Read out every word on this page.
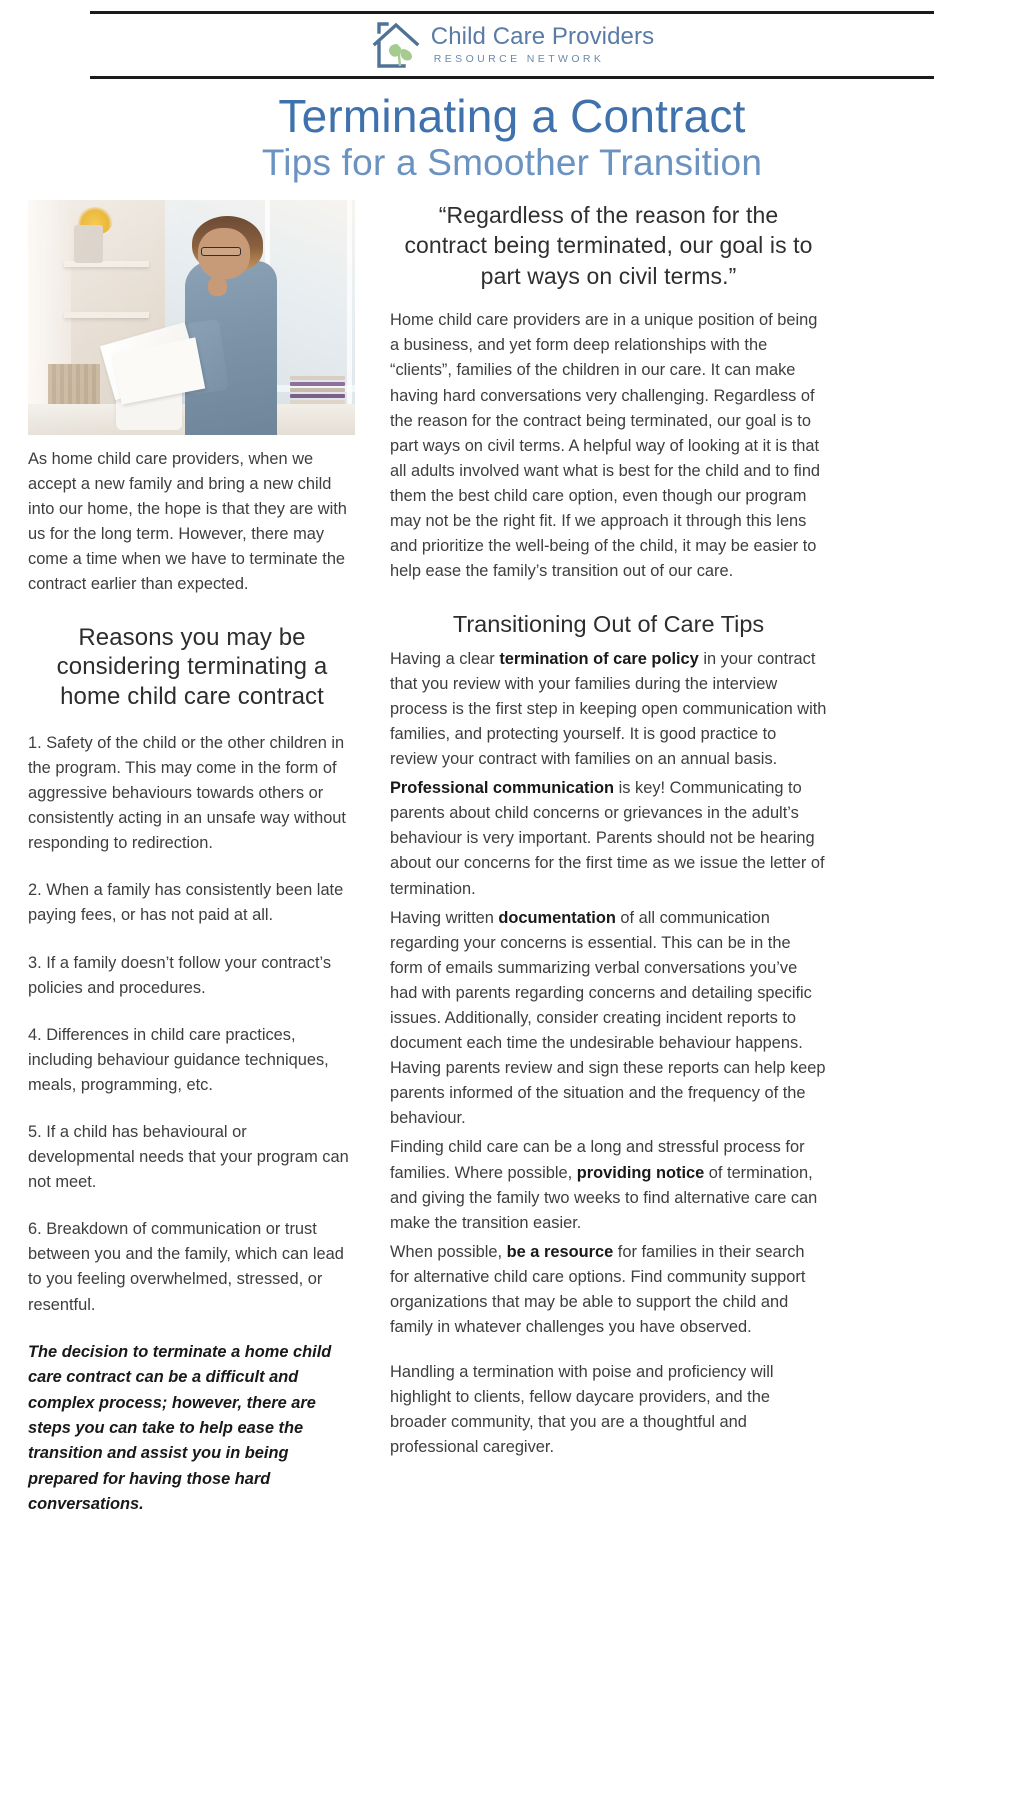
Child Care Providers
RESOURCE NETWORK
Terminating a Contract
Tips for a Smoother Transition

As home child care providers, when we accept a new family and bring a new child into our home, the hope is that they are with us for the long term. However, there may come a time when we have to terminate the contract earlier than expected.

Reasons you may be considering terminating a home child care contract
1. Safety of the child or the other children in the program. This may come in the form of aggressive behaviours towards others or consistently acting in an unsafe way without responding to redirection.
2. When a family has consistently been late paying fees, or has not paid at all.
3. If a family doesn’t follow your contract’s policies and procedures.
4. Differences in child care practices, including behaviour guidance techniques, meals, programming, etc.
5. If a child has behavioural or developmental needs that your program can not meet.
6. Breakdown of communication or trust between you and the family, which can lead to you feeling overwhelmed, stressed, or resentful.

The decision to terminate a home child care contract can be a difficult and complex process; however, there are steps you can take to help ease the transition and assist you in being prepared for having those hard conversations.

“Regardless of the reason for the contract being terminated, our goal is to part ways on civil terms.”

Home child care providers are in a unique position of being a business, and yet form deep relationships with the “clients”, families of the children in our care. It can make having hard conversations very challenging. Regardless of the reason for the contract being terminated, our goal is to part ways on civil terms. A helpful way of looking at it is that all adults involved want what is best for the child and to find them the best child care option, even though our program may not be the right fit. If we approach it through this lens and prioritize the well-being of the child, it may be easier to help ease the family’s transition out of our care.

Transitioning Out of Care Tips

Having a clear termination of care policy in your contract that you review with your families during the interview process is the first step in keeping open communication with families, and protecting yourself. It is good practice to review your contract with families on an annual basis.

Professional communication is key! Communicating to parents about child concerns or grievances in the adult’s behaviour is very important. Parents should not be hearing about our concerns for the first time as we issue the letter of termination.

Having written documentation of all communication regarding your concerns is essential. This can be in the form of emails summarizing verbal conversations you’ve had with parents regarding concerns and detailing specific issues. Additionally, consider creating incident reports to document each time the undesirable behaviour happens. Having parents review and sign these reports can help keep parents informed of the situation and the frequency of the behaviour.

Finding child care can be a long and stressful process for families. Where possible, providing notice of termination, and giving the family two weeks to find alternative care can make the transition easier.

When possible, be a resource for families in their search for alternative child care options. Find community support organizations that may be able to support the child and family in whatever challenges you have observed.

Handling a termination with poise and proficiency will highlight to clients, fellow daycare providers, and the broader community, that you are a thoughtful and professional caregiver.
